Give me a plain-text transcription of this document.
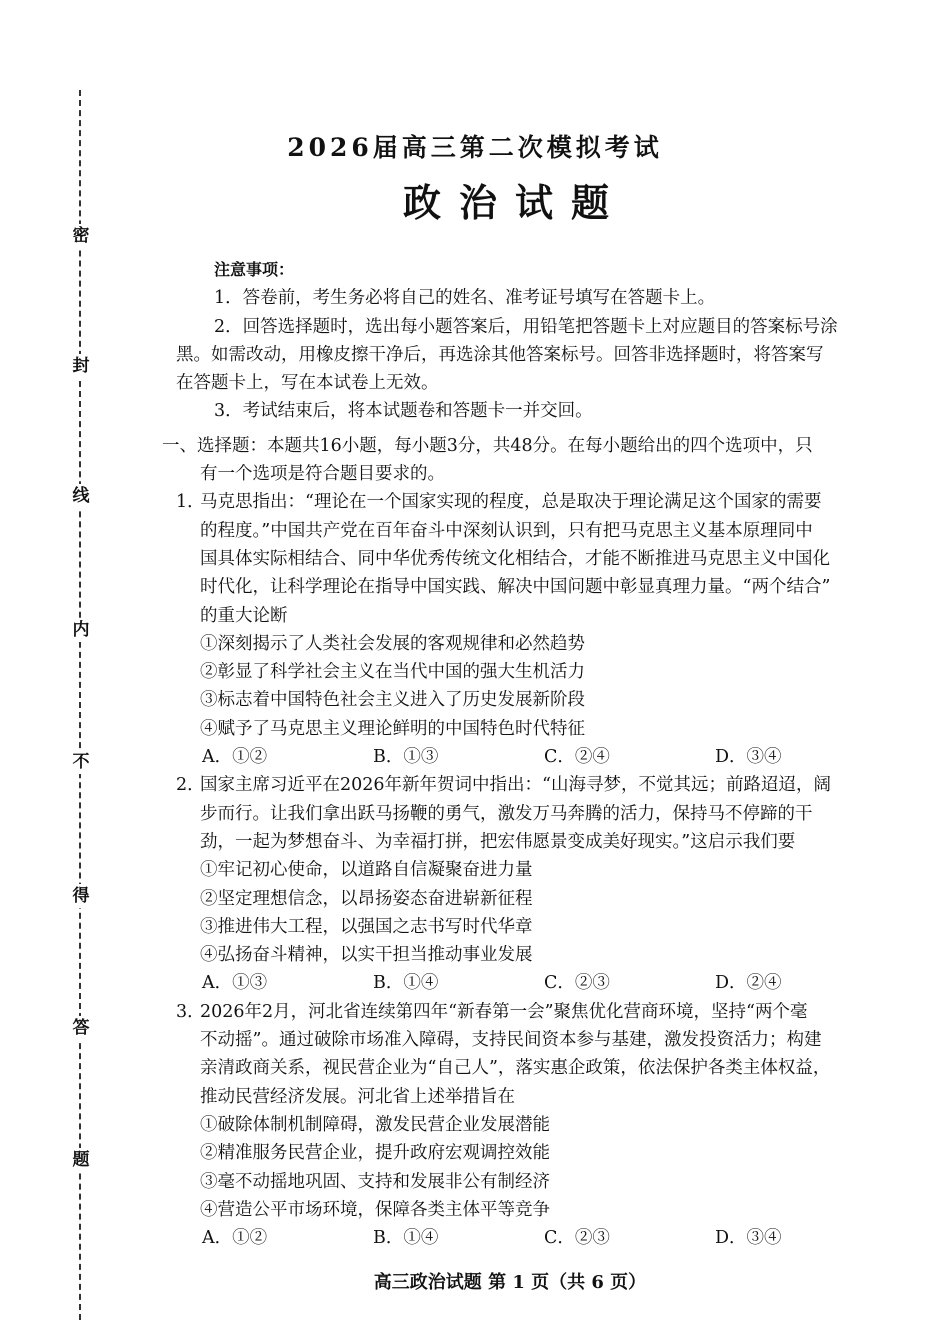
密
封
线
内
不
得
答
题
2026届高三第二次模拟考试
政治试题
注意事项：
1．答卷前，考生务必将自己的姓名、准考证号填写在答题卡上。
2．回答选择题时，选出每小题答案后，用铅笔把答题卡上对应题目的答案标号涂
黑。如需改动，用橡皮擦干净后，再选涂其他答案标号。回答非选择题时，将答案写
在答题卡上，写在本试卷上无效。
3．考试结束后，将本试题卷和答题卡一并交回。
一、选择题：本题共16小题，每小题3分，共48分。在每小题给出的四个选项中，只
有一个选项是符合题目要求的。
1．马克思指出：“理论在一个国家实现的程度，总是取决于理论满足这个国家的需要
的程度。”中国共产党在百年奋斗中深刻认识到，只有把马克思主义基本原理同中
国具体实际相结合、同中华优秀传统文化相结合，才能不断推进马克思主义中国化
时代化，让科学理论在指导中国实践、解决中国问题中彰显真理力量。“两个结合”
的重大论断
①深刻揭示了人类社会发展的客观规律和必然趋势
②彰显了科学社会主义在当代中国的强大生机活力
③标志着中国特色社会主义进入了历史发展新阶段
④赋予了马克思主义理论鲜明的中国特色时代特征
A．①②	B．①③	C．②④	D．③④
2．国家主席习近平在2026年新年贺词中指出：“山海寻梦，不觉其远；前路迢迢，阔
步而行。让我们拿出跃马扬鞭的勇气，激发万马奔腾的活力，保持马不停蹄的干
劲，一起为梦想奋斗、为幸福打拼，把宏伟愿景变成美好现实。”这启示我们要
①牢记初心使命，以道路自信凝聚奋进力量
②坚定理想信念，以昂扬姿态奋进崭新征程
③推进伟大工程，以强国之志书写时代华章
④弘扬奋斗精神，以实干担当推动事业发展
A．①③	B．①④	C．②③	D．②④
3．2026年2月，河北省连续第四年“新春第一会”聚焦优化营商环境，坚持“两个毫
不动摇”。通过破除市场准入障碍，支持民间资本参与基建，激发投资活力；构建
亲清政商关系，视民营企业为“自己人”，落实惠企政策，依法保护各类主体权益，
推动民营经济发展。河北省上述举措旨在
①破除体制机制障碍，激发民营企业发展潜能
②精准服务民营企业，提升政府宏观调控效能
③毫不动摇地巩固、支持和发展非公有制经济
④营造公平市场环境，保障各类主体平等竞争
A．①②	B．①④	C．②③	D．③④
高三政治试题 第 1 页（共 6 页）
